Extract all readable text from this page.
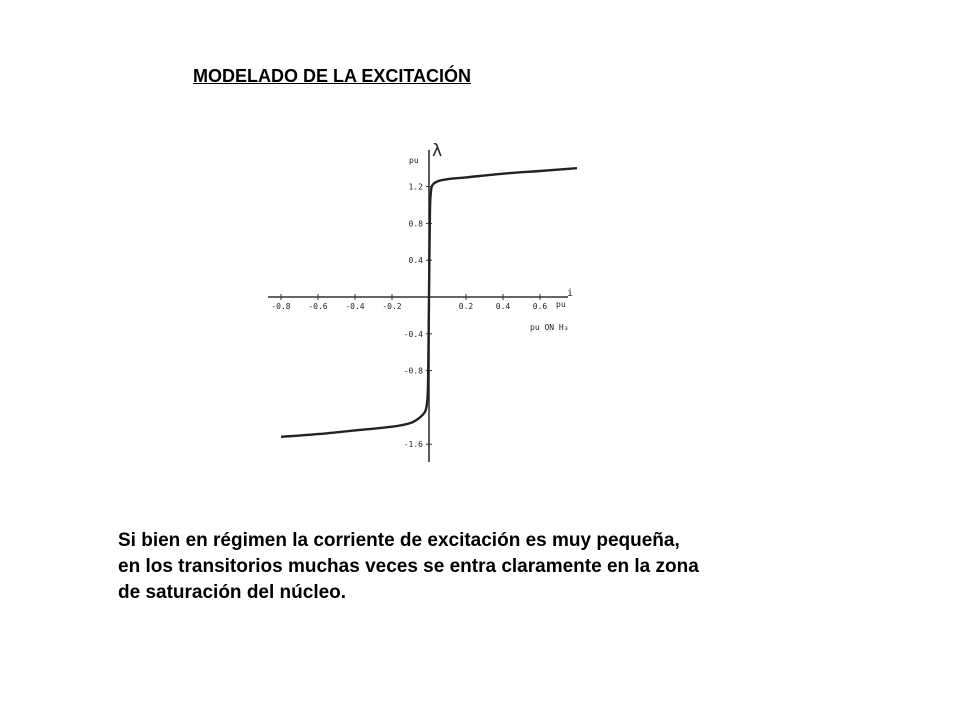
MODELADO DE LA EXCITACIÓN
λ
pu
i
pu
pu ON H₃
-0.8 -0.6 -0.4 -0.2	0.2	0.4	0.6
1.2
0.8
0.4
-0.4
-0.8
-1.6

Si bien en régimen la corriente de excitación es muy pequeña,
en los transitorios muchas veces se entra claramente en la zona
de saturación del núcleo.
